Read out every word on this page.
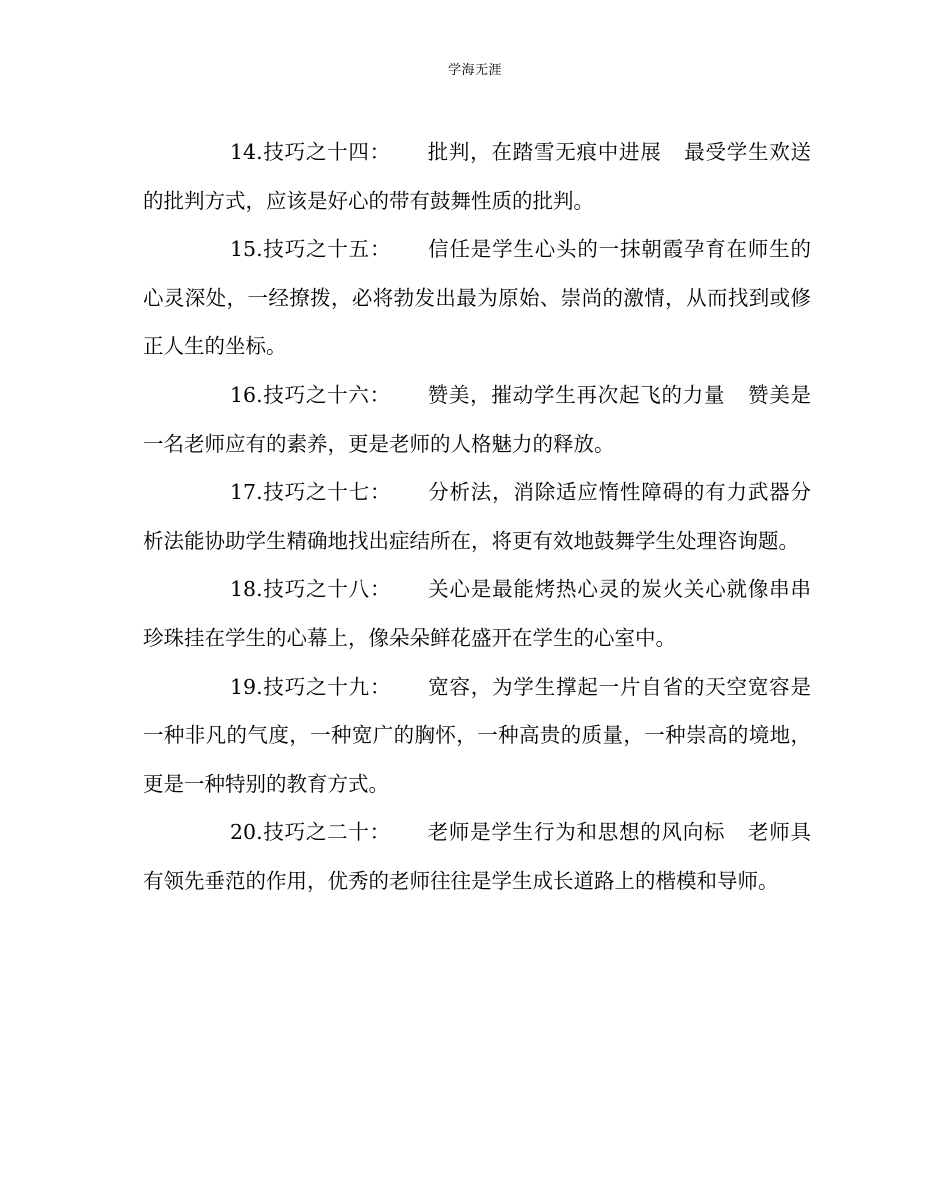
学海无涯

14.技巧之十四： 批判，在踏雪无痕中进展 最受学生欢送的批判方式，应该是好心的带有鼓舞性质的批判。

15.技巧之十五： 信任是学生心头的一抹朝霞孕育在师生的心灵深处，一经撩拨，必将勃发出最为原始、崇尚的激情，从而找到或修正人生的坐标。

16.技巧之十六： 赞美，摧动学生再次起飞的力量 赞美是一名老师应有的素养，更是老师的人格魅力的释放。

17.技巧之十七： 分析法，消除适应惰性障碍的有力武器分析法能协助学生精确地找出症结所在，将更有效地鼓舞学生处理咨询题。

18.技巧之十八： 关心是最能烤热心灵的炭火关心就像串串珍珠挂在学生的心幕上，像朵朵鲜花盛开在学生的心室中。

19.技巧之十九： 宽容，为学生撑起一片自省的天空宽容是一种非凡的气度，一种宽广的胸怀，一种高贵的质量，一种崇高的境地，更是一种特别的教育方式。

20.技巧之二十： 老师是学生行为和思想的风向标 老师具有领先垂范的作用，优秀的老师往往是学生成长道路上的楷模和导师。
